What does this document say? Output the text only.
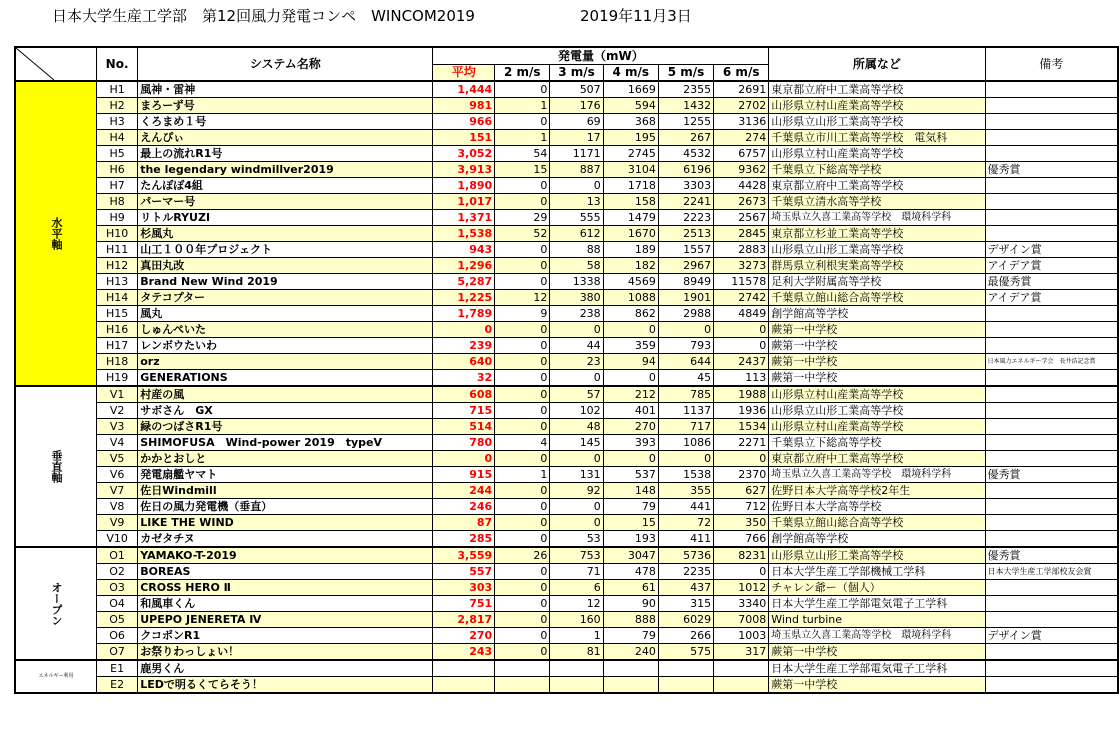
日本大学生産工学部　第12回風力発電コンペ　WINCOM2019	2019年11月3日
	No.	システム名称	発電量（mW）						所属など	備考
			平均	2 m/s	3 m/s	4 m/s	5 m/s	6 m/s		
水平軸	H1	風神・雷神	1,444	0	507	1669	2355	2691	東京都立府中工業高等学校	
	H2	まろーず号	981	1	176	594	1432	2702	山形県立村山産業高等学校	
	H3	くろまめ１号	966	0	69	368	1255	3136	山形県立山形工業高等学校	
	H4	えんぴぃ	151	1	17	195	267	274	千葉県立市川工業高等学校　電気科	
	H5	最上の流れR1号	3,052	54	1171	2745	4532	6757	山形県立村山産業高等学校	
	H6	the legendary windmillver2019	3,913	15	887	3104	6196	9362	千葉県立下総高等学校	優秀賞
	H7	たんぽぽ4組	1,890	0	0	1718	3303	4428	東京都立府中工業高等学校	
	H8	パーマー号	1,017	0	13	158	2241	2673	千葉県立清水高等学校	
	H9	リトルRYUZI	1,371	29	555	1479	2223	2567	埼玉県立久喜工業高等学校　環境科学科	
	H10	杉風丸	1,538	52	612	1670	2513	2845	東京都立杉並工業高等学校	
	H11	山工１００年プロジェクト	943	0	88	189	1557	2883	山形県立山形工業高等学校	デザイン賞
	H12	真田丸改	1,296	0	58	182	2967	3273	群馬県立利根実業高等学校	アイデア賞
	H13	Brand New Wind 2019	5,287	0	1338	4569	8949	11578	足利大学附属高等学校	最優秀賞
	H14	タテコプター	1,225	12	380	1088	1901	2742	千葉県立館山総合高等学校	アイデア賞
	H15	風丸	1,789	9	238	862	2988	4849	創学館高等学校	
	H16	しゅんぺいた	0	0	0	0	0	0	蕨第一中学校	
	H17	レンボウたいわ	239	0	44	359	793	0	蕨第一中学校	
	H18	orz	640	0	23	94	644	2437	蕨第一中学校	日本風力エネルギー学会　長井浩記念賞
	H19	GENERATIONS	32	0	0	0	45	113	蕨第一中学校	
垂直軸	V1	村産の風	608	0	57	212	785	1988	山形県立村山産業高等学校	
	V2	サボさん　GX	715	0	102	401	1137	1936	山形県立山形工業高等学校	
	V3	緑のつばさR1号	514	0	48	270	717	1534	山形県立村山産業高等学校	
	V4	SHIMOFUSA　Wind-power 2019　typeV	780	4	145	393	1086	2271	千葉県立下総高等学校	
	V5	かかとおしと	0	0	0	0	0	0	東京都立府中工業高等学校	
	V6	発電扇艦ヤマト	915	1	131	537	1538	2370	埼玉県立久喜工業高等学校　環境科学科	優秀賞
	V7	佐日Windmill	244	0	92	148	355	627	佐野日本大学高等学校2年生	
	V8	佐日の風力発電機（垂直）	246	0	0	79	441	712	佐野日本大学高等学校	
	V9	LIKE THE WIND	87	0	0	15	72	350	千葉県立館山総合高等学校	
	V10	カゼタチヌ	285	0	53	193	411	766	創学館高等学校	
オープン	O1	YAMAKO-T-2019	3,559	26	753	3047	5736	8231	山形県立山形工業高等学校	優秀賞
	O2	BOREAS	557	0	71	478	2235	0	日本大学生産工学部機械工学科	日本大学生産工学部校友会賞
	O3	CROSS HERO Ⅱ	303	0	6	61	437	1012	チャレン爺ー（個人）	
	O4	和風車くん	751	0	12	90	315	3340	日本大学生産工学部電気電子工学科	
	O5	UPEPO JENERETA Ⅳ	2,817	0	160	888	6029	7008	Wind turbine	
	O6	クコポンR1	270	0	1	79	266	1003	埼玉県立久喜工業高等学校　環境科学科	デザイン賞
	O7	お祭りわっしょい！	243	0	81	240	575	317	蕨第一中学校	
エネルギー利用	E1	鹿男くん							日本大学生産工学部電気電子工学科	
	E2	LEDで明るくてらそう！							蕨第一中学校	
